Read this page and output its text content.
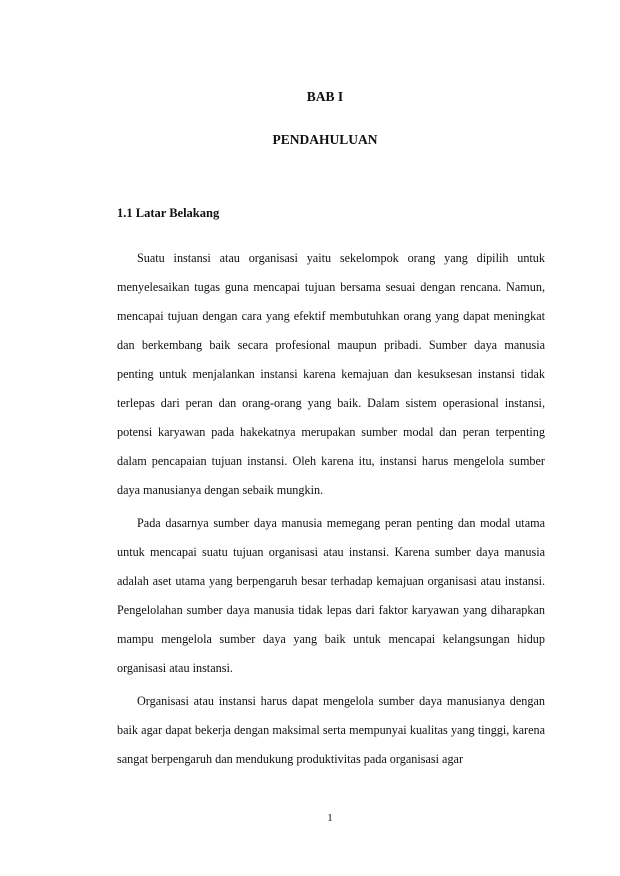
BAB I
PENDAHULUAN
1.1 Latar Belakang

Suatu instansi atau organisasi yaitu sekelompok orang yang dipilih untuk menyelesaikan tugas guna mencapai tujuan bersama sesuai dengan rencana. Namun, mencapai tujuan dengan cara yang efektif membutuhkan orang yang dapat meningkat dan berkembang baik secara profesional maupun pribadi. Sumber daya manusia penting untuk menjalankan instansi karena kemajuan dan kesuksesan instansi tidak terlepas dari peran dan orang-orang yang baik. Dalam sistem operasional instansi, potensi karyawan pada hakekatnya merupakan sumber modal dan peran terpenting dalam pencapaian tujuan instansi. Oleh karena itu, instansi harus mengelola sumber daya manusianya dengan sebaik mungkin.

Pada dasarnya sumber daya manusia memegang peran penting dan modal utama untuk mencapai suatu tujuan organisasi atau instansi. Karena sumber daya manusia adalah aset utama yang berpengaruh besar terhadap kemajuan organisasi atau instansi. Pengelolahan sumber daya manusia tidak lepas dari faktor karyawan yang diharapkan mampu mengelola sumber daya yang baik untuk mencapai kelangsungan hidup organisasi atau instansi.

Organisasi atau instansi harus dapat mengelola sumber daya manusianya dengan baik agar dapat bekerja dengan maksimal serta mempunyai kualitas yang tinggi, karena sangat berpengaruh dan mendukung produktivitas pada organisasi agar

1
